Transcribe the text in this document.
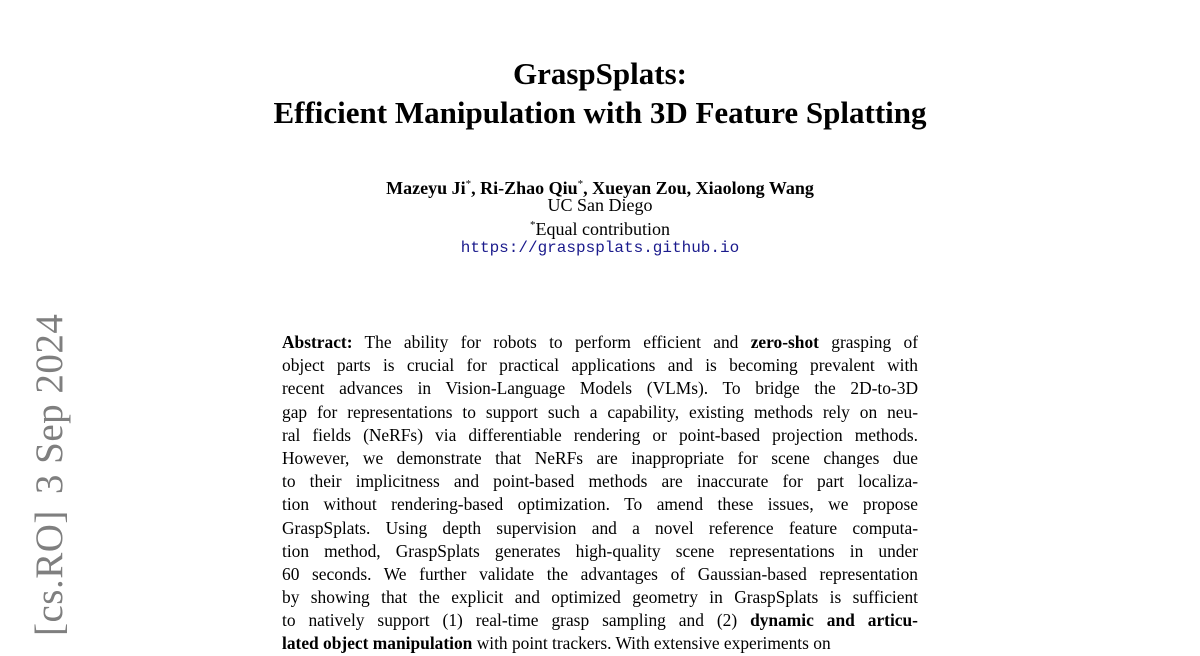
GraspSplats:
Efficient Manipulation with 3D Feature Splatting
Mazeyu Ji*, Ri-Zhao Qiu*, Xueyan Zou, Xiaolong Wang
UC San Diego
*Equal contribution
https://graspsplats.github.io
[cs.RO]3 Sep 2024	Abstract: The ability for robots to perform efficient and zero-shot grasping of
object parts is crucial for practical applications and is becoming prevalent with
recent advances in Vision-Language Models (VLMs). To bridge the 2D-to-3D
gap for representations to support such a capability, existing methods rely on neu-
ral fields (NeRFs) via differentiable rendering or point-based projection methods.
However, we demonstrate that NeRFs are inappropriate for scene changes due
to their implicitness and point-based methods are inaccurate for part localiza-
tion without rendering-based optimization. To amend these issues, we propose
GraspSplats. Using depth supervision and a novel reference feature computa-
tion method, GraspSplats generates high-quality scene representations in under
60 seconds. We further validate the advantages of Gaussian-based representation
by showing that the explicit and optimized geometry in GraspSplats is sufficient
to natively support (1) real-time grasp sampling and (2) dynamic and articu-
lated object manipulation with point trackers. With extensive experiments on
